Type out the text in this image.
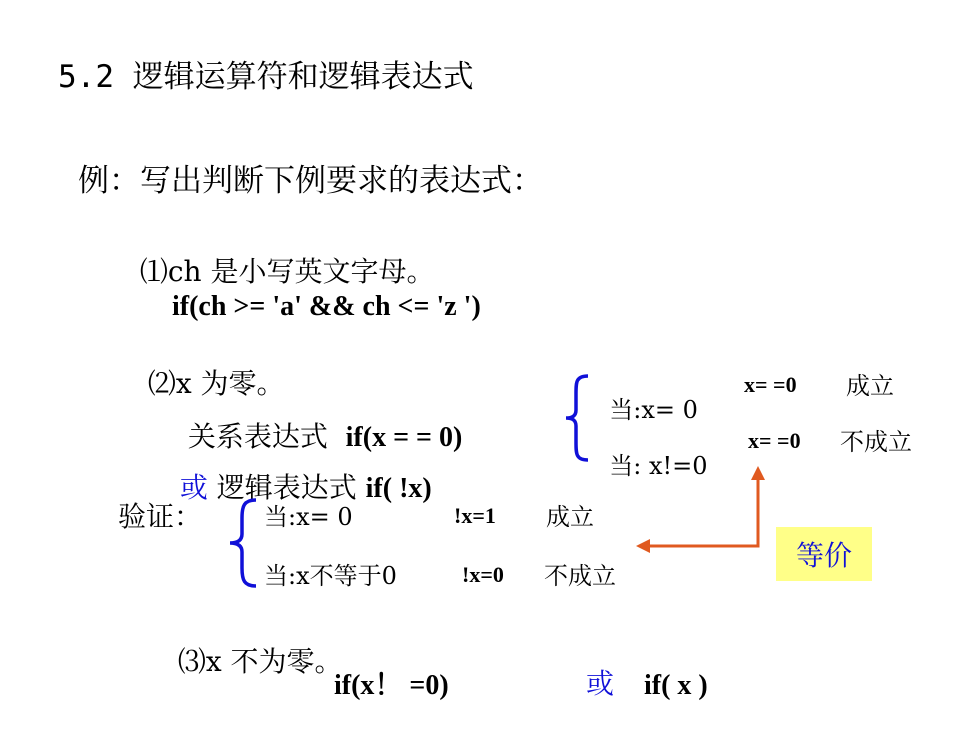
5.2 逻辑运算符和逻辑表达式
例：写出判断下例要求的表达式：

⑴ch 是小写英文字母。

if(ch >= 'a' && ch <= 'z ')

⑵x 为零。

关系表达式 if(x = = 0)

当:x= 0

x= =0 成立

当: x!=0

x= =0 不成立

或 逻辑表达式 if( !x)

验证：	当:x= 0	!x=1 成立
当:x不等于0	!x=0 不成立
等价

⑶x 不为零。

if(x！ =0)	或 if( x )
